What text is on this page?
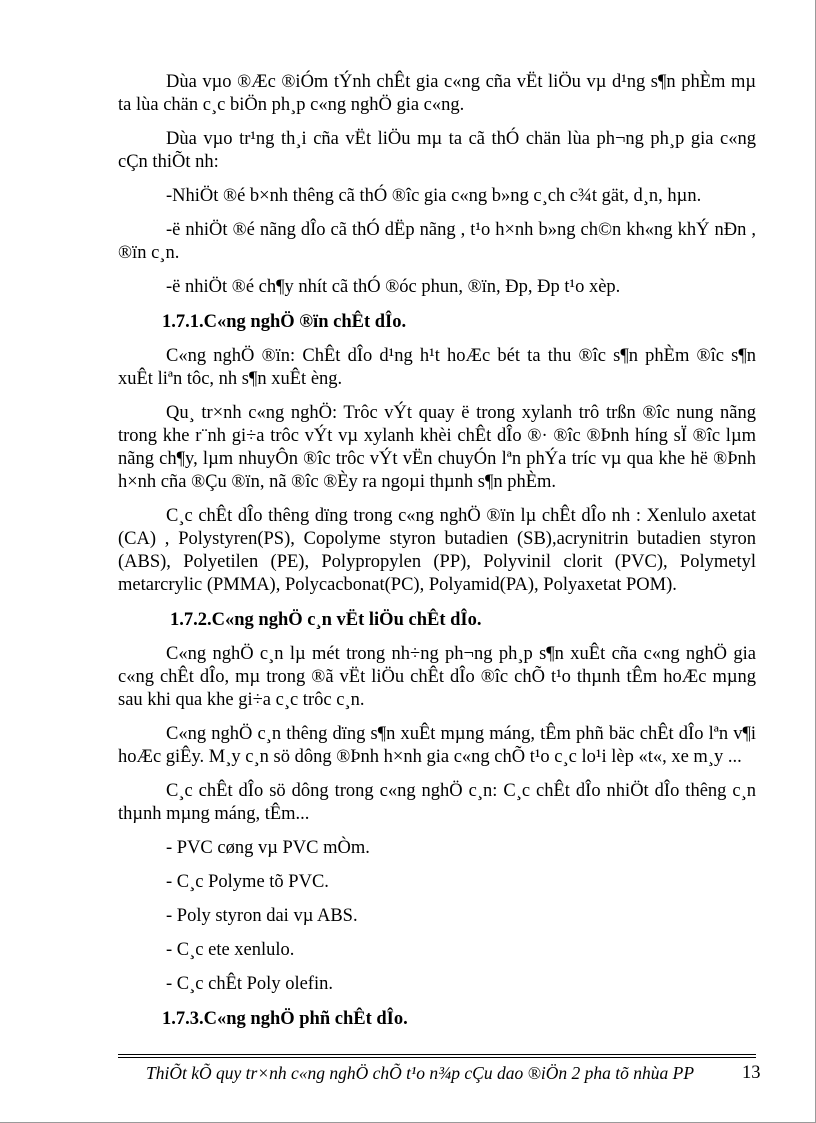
Dùa vµo ®Æc ®iÓm tÝnh chÊt gia c«ng cña vËt liÖu vµ d¹ng s¶n phÈm mµ ta lùa chän c¸c biÖn ph¸p c«ng nghÖ gia c«ng.

Dùa vµo tr¹ng th¸i cña vËt liÖu mµ ta cã thÓ chän lùa ph¬ng ph¸p gia c«ng cÇn thiÕt nh:

-NhiÖt ®é b×nh thêng cã thÓ ®îc gia c«ng b»ng c¸ch c¾t gät, d¸n, hµn.

-ë nhiÖt ®é nãng dÎo cã thÓ dËp nãng , t¹o h×nh b»ng ch©n kh«ng khÝ nÐn , ®ïn c¸n.

-ë nhiÖt ®é ch¶y nhít cã thÓ ®óc phun, ®ïn, Ðp, Ðp t¹o xèp.

1.7.1.C«ng nghÖ ®ïn chÊt dÎo.

C«ng nghÖ ®ïn: ChÊt dÎo d¹ng h¹t hoÆc bét ta thu ®îc s¶n phÈm ®îc s¶n xuÊt liªn tôc, nh s¶n xuÊt èng.

Qu¸ tr×nh c«ng nghÖ: Trôc vÝt quay ë trong xylanh trô trßn ®îc nung nãng trong khe r¨nh gi÷a trôc vÝt vµ xylanh khèi chÊt dÎo ®· ®îc ®Þnh híng sÏ ®îc lµm nãng ch¶y, lµm nhuyÔn ®îc trôc vÝt vËn chuyÓn lªn phÝa tríc vµ qua khe hë ®Þnh h×nh cña ®Çu ®ïn, nã ®îc ®Èy ra ngoµi thµnh s¶n phÈm.

C¸c chÊt dÎo thêng dïng trong c«ng nghÖ ®ïn lµ chÊt dÎo nh : Xenlulo axetat (CA) , Polystyren(PS), Copolyme styron butadien (SB),acrynitrin butadien styron (ABS), Polyetilen (PE), Polypropylen (PP), Polyvinil clorit (PVC), Polymetyl metarcrylic (PMMA), Polycacbonat(PC), Polyamid(PA), Polyaxetat POM).

1.7.2.C«ng nghÖ c¸n vËt liÖu chÊt dÎo.

C«ng nghÖ c¸n lµ mét trong nh÷ng ph¬ng ph¸p s¶n xuÊt cña c«ng nghÖ gia c«ng chÊt dÎo, mµ trong ®ã vËt liÖu chÊt dÎo ®îc chÕ t¹o thµnh tÊm hoÆc mµng sau khi qua khe gi÷a c¸c trôc c¸n.

C«ng nghÖ c¸n thêng dïng s¶n xuÊt mµng máng, tÊm phñ bäc chÊt dÎo lªn v¶i hoÆc giÊy. M¸y c¸n sö dông ®Þnh h×nh gia c«ng chÕ t¹o c¸c lo¹i lèp «t«, xe m¸y ...

C¸c chÊt dÎo sö dông trong c«ng nghÖ c¸n: C¸c chÊt dÎo nhiÖt dÎo thêng c¸n thµnh mµng máng, tÊm...

- PVC cøng vµ PVC mÒm.

- C¸c Polyme tõ PVC.

- Poly styron dai vµ ABS.

- C¸c ete xenlulo.

- C¸c chÊt Poly olefin.

1.7.3.C«ng nghÖ phñ chÊt dÎo.

ThiÕt kÕ quy tr×nh c«ng nghÖ chÕ t¹o n¾p cÇu dao ®iÖn 2 pha tõ nhùa PP	13
